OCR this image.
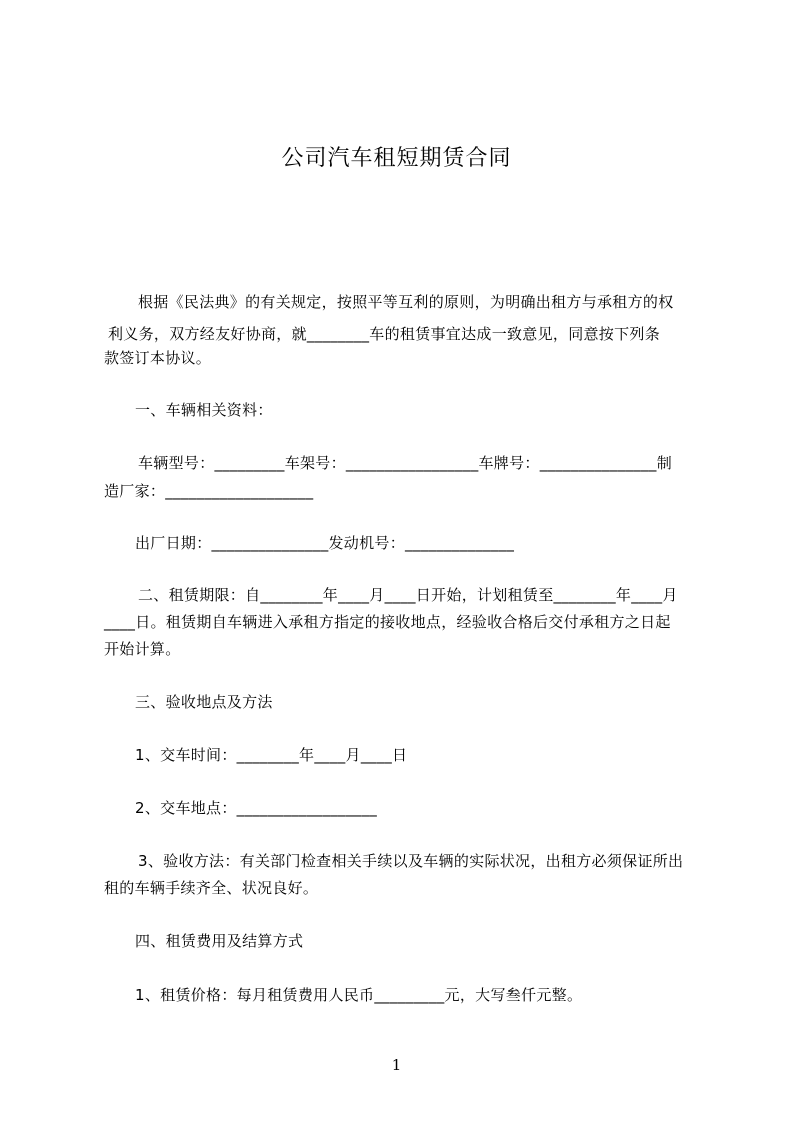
公司汽车租短期赁合同
根据《民法典》的有关规定，按照平等互利的原则，为明确出租方与承租方的权
利义务，双方经友好协商，就________车的租赁事宜达成一致意见，同意按下列条
款签订本协议。
一、车辆相关资料：
车辆型号：_________车架号：_________________车牌号：_______________制
造厂家：___________________
出厂日期：_______________发动机号：______________
二、租赁期限：自________年____月____日开始，计划租赁至________年____月
____日。租赁期自车辆进入承租方指定的接收地点，经验收合格后交付承租方之日起
开始计算。
三、验收地点及方法
1、交车时间：________年____月____日
2、交车地点：__________________
3、验收方法：有关部门检查相关手续以及车辆的实际状况，出租方必须保证所出
租的车辆手续齐全、状况良好。
四、租赁费用及结算方式
1、租赁价格：每月租赁费用人民币_________元，大写叁仟元整。
1
